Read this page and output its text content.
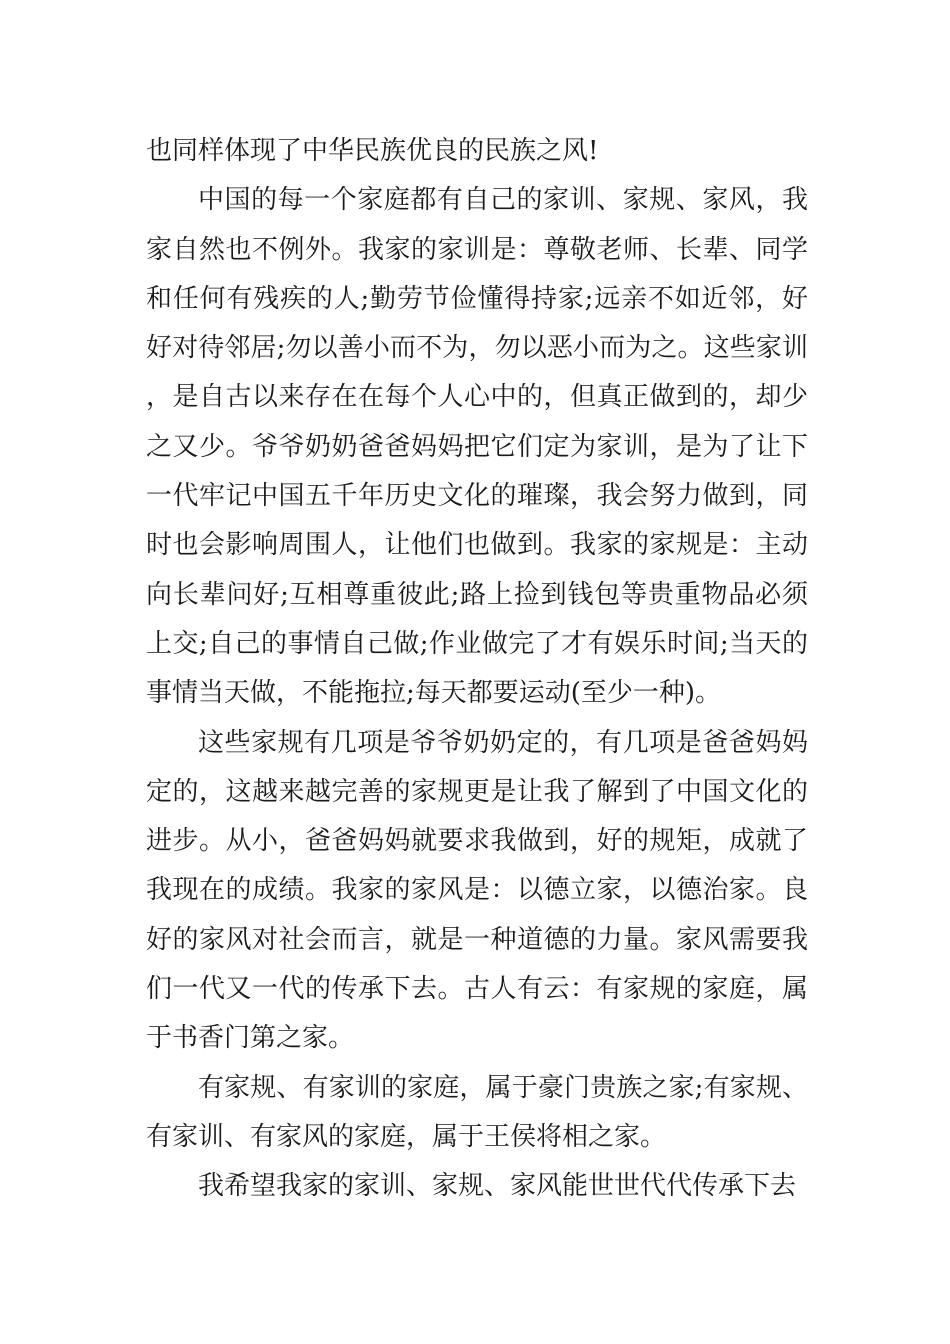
也同样体现了中华民族优良的民族之风!

中国的每一个家庭都有自己的家训、家规、家风，我家自然也不例外。我家的家训是：尊敬老师、长辈、同学和任何有残疾的人;勤劳节俭懂得持家;远亲不如近邻，好好对待邻居;勿以善小而不为，勿以恶小而为之。这些家训，是自古以来存在在每个人心中的，但真正做到的，却少之又少。爷爷奶奶爸爸妈妈把它们定为家训，是为了让下一代牢记中国五千年历史文化的璀璨，我会努力做到，同时也会影响周围人，让他们也做到。我家的家规是：主动向长辈问好;互相尊重彼此;路上捡到钱包等贵重物品必须上交;自己的事情自己做;作业做完了才有娱乐时间;当天的事情当天做，不能拖拉;每天都要运动(至少一种)。

这些家规有几项是爷爷奶奶定的，有几项是爸爸妈妈定的，这越来越完善的家规更是让我了解到了中国文化的进步。从小，爸爸妈妈就要求我做到，好的规矩，成就了我现在的成绩。我家的家风是：以德立家，以德治家。良好的家风对社会而言，就是一种道德的力量。家风需要我们一代又一代的传承下去。古人有云：有家规的家庭，属于书香门第之家。

有家规、有家训的家庭，属于豪门贵族之家;有家规、有家训、有家风的家庭，属于王侯将相之家。

我希望我家的家训、家规、家风能世世代代传承下去
